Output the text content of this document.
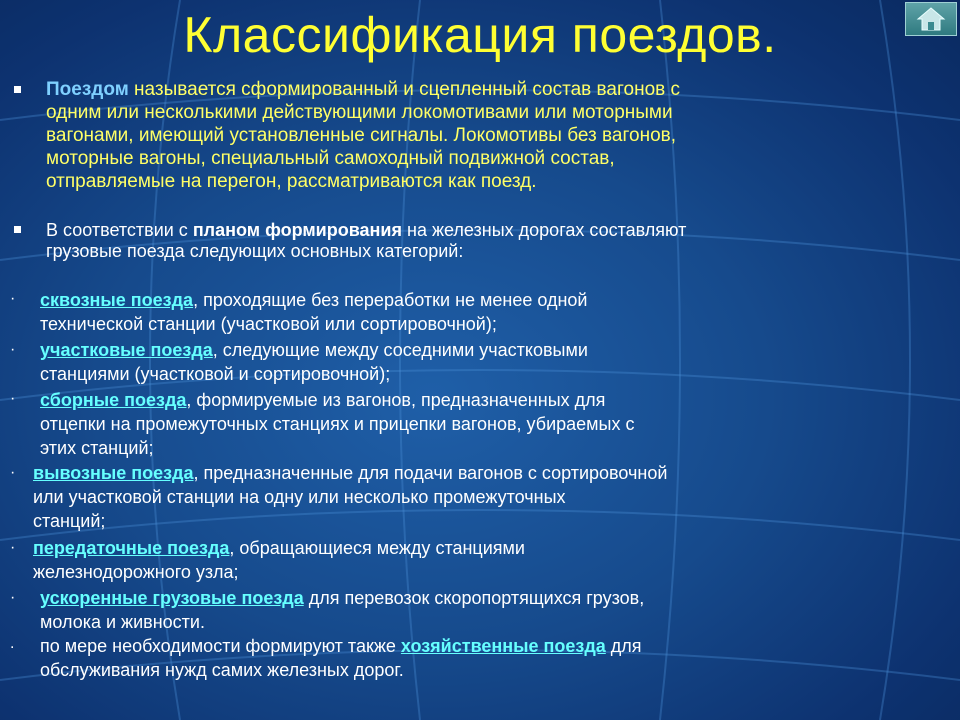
Классификация поездов.
Поездом называется сформированный и сцепленный состав вагонов с
одним или несколькими действующими локомотивами или моторными
вагонами, имеющий установленные сигналы. Локомотивы без вагонов,
моторные вагоны, специальный самоходный подвижной состав,
отправляемые на перегон, рассматриваются как поезд.
В соответствии с планом формирования на железных дорогах составляют
грузовые поезда следующих основных категорий:
· сквозные поезда, проходящие без переработки не менее одной
технической станции (участковой или сортировочной);
· участковые поезда, следующие между соседними участковыми
станциями (участковой и сортировочной);
· сборные поезда, формируемые из вагонов, предназначенных для
отцепки на промежуточных станциях и прицепки вагонов, убираемых с
этих станций;
· вывозные поезда, предназначенные для подачи вагонов с сортировочной
или участковой станции на одну или несколько промежуточных
станций;
· передаточные поезда, обращающиеся между станциями
железнодорожного узла;
· ускоренные грузовые поезда для перевозок скоропортящихся грузов,
молока и живности.
. по мере необходимости формируют также хозяйственные поезда для
обслуживания нужд самих железных дорог.
